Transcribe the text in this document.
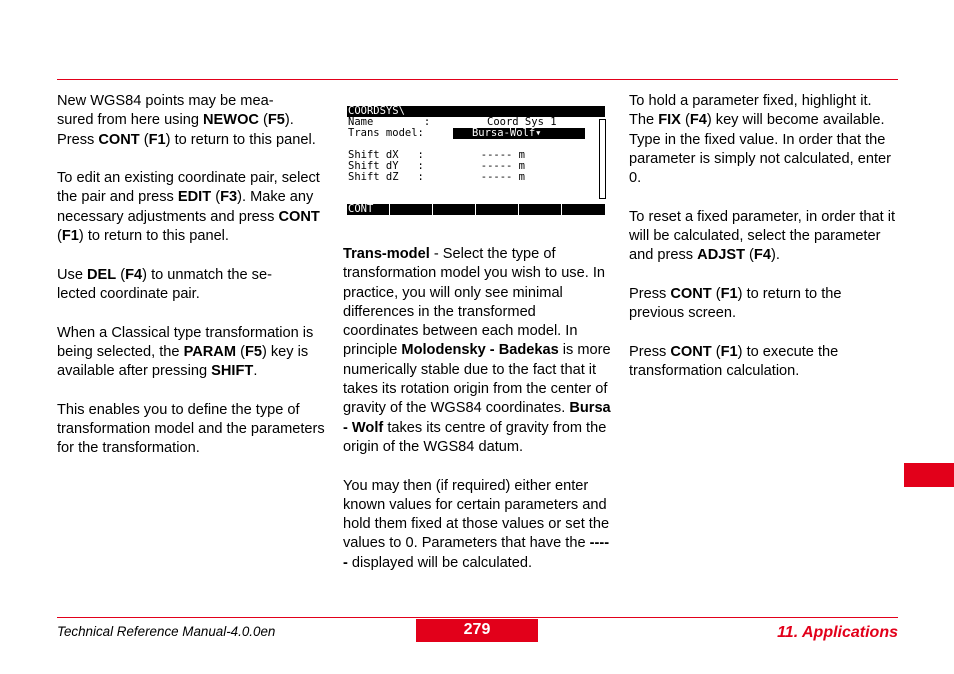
New WGS84 points may be mea-
sured from here using NEWOC (F5).
Press CONT (F1) to return to this panel.

To edit an existing coordinate pair, select the pair and press EDIT (F3). Make any necessary adjustments and press CONT (F1) to return to this panel.

Use DEL (F4) to unmatch the se-
lected coordinate pair.

When a Classical type transformation is being selected, the PARAM (F5) key is available after pressing SHIFT.

This enables you to define the type of transformation model and the parameters for the transformation.

COORDSYS\
Name        :	Coord Sys 1
Trans model:	Bursa-Wolf▾
Shift dX   :         ----- m
Shift dY   :         ----- m
Shift dZ   :         ----- m
CONT

Trans-model - Select the type of transformation model you wish to use. In practice, you will only see minimal differences in the transformed coordinates between each model. In principle Molodensky - Badekas is more numerically stable due to the fact that it takes its rotation origin from the center of gravity of the WGS84 coordinates. Bursa - Wolf takes its centre of gravity from the origin of the WGS84 datum.

You may then (if required) either enter known values for certain parameters and hold them fixed at those values or set the values to 0. Parameters that have the ----- displayed will be calculated.

To hold a parameter fixed, highlight it. The FIX (F4) key will become available. Type in the fixed value. In order that the parameter is simply not calculated, enter 0.

To reset a fixed parameter, in order that it will be calculated, select the parameter and press ADJST (F4).

Press CONT (F1) to return to the previous screen.

Press CONT (F1) to execute the transformation calculation.

Technical Reference Manual-4.0.0en	279	11. Applications
